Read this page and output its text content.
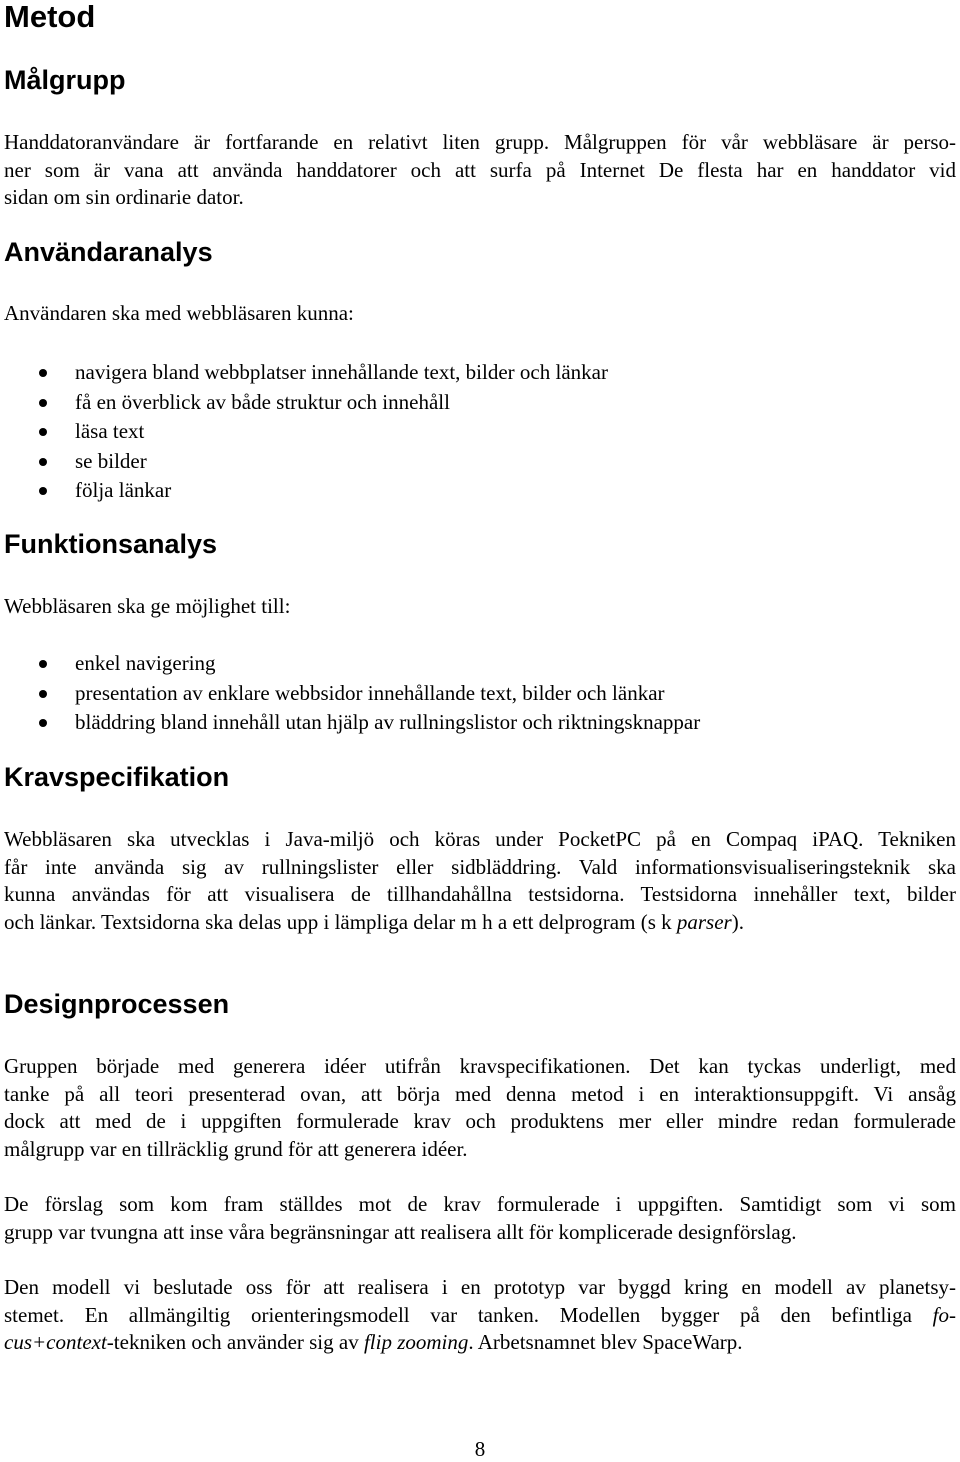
Metod
Målgrupp
Handdatoranvändare är fortfarande en relativt liten grupp. Målgruppen för vår webbläsare är perso-
ner som är vana att använda handdatorer och att surfa på Internet De flesta har en handdator vid
sidan om sin ordinarie dator.
Användaranalys
Användaren ska med webbläsaren kunna:
navigera bland webbplatser innehållande text, bilder och länkar
få en överblick av både struktur och innehåll
läsa text
se bilder
följa länkar
Funktionsanalys
Webbläsaren ska ge möjlighet till:
enkel navigering
presentation av enklare webbsidor innehållande text, bilder och länkar
bläddring bland innehåll utan hjälp av rullningslistor och riktningsknappar
Kravspecifikation
Webbläsaren ska utvecklas i Java-miljö och köras under PocketPC på en Compaq iPAQ. Tekniken
får inte använda sig av rullningslister eller sidbläddring. Vald informationsvisualiseringsteknik ska
kunna användas för att visualisera de tillhandahållna testsidorna. Testsidorna innehåller text, bilder
och länkar. Textsidorna ska delas upp i lämpliga delar m h a ett delprogram (s k parser).
Designprocessen
Gruppen började med generera idéer utifrån kravspecifikationen. Det kan tyckas underligt, med
tanke på all teori presenterad ovan, att börja med denna metod i en interaktionsuppgift. Vi ansåg
dock att med de i uppgiften formulerade krav och produktens mer eller mindre redan formulerade
målgrupp var en tillräcklig grund för att generera idéer.
De förslag som kom fram ställdes mot de krav formulerade i uppgiften. Samtidigt som vi som
grupp var tvungna att inse våra begränsningar att realisera allt för komplicerade designförslag.
Den modell vi beslutade oss för att realisera i en prototyp var byggd kring en modell av planetsy-
stemet. En allmängiltig orienteringsmodell var tanken. Modellen bygger på den befintliga fo-
cus+context-tekniken och använder sig av flip zooming. Arbetsnamnet blev SpaceWarp.
8
